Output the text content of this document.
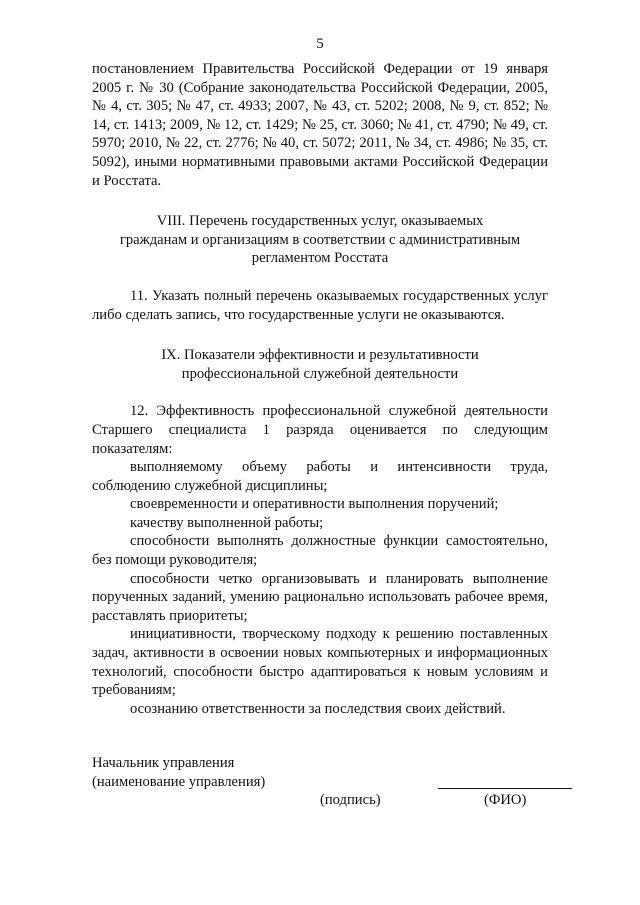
5

постановлением Правительства Российской Федерации от 19 января 2005 г. № 30 (Собрание законодательства Российской Федерации, 2005, № 4, ст. 305; № 47, ст. 4933; 2007, № 43, ст. 5202; 2008, № 9, ст. 852; № 14, ст. 1413; 2009, № 12, ст. 1429; № 25, ст. 3060; № 41, ст. 4790; № 49, ст. 5970; 2010, № 22, ст. 2776; № 40, ст. 5072; 2011, № 34, ст. 4986; № 35, ст. 5092), иными нормативными правовыми актами Российской Федерации и Росстата.

VIII. Перечень государственных услуг, оказываемых

гражданам и организациям в соответствии с административным

регламентом Росстата

11. Указать полный перечень оказываемых государственных услуг либо сделать запись, что государственные услуги не оказываются.

IX. Показатели эффективности и результативности

профессиональной служебной деятельности

12. Эффективность профессиональной служебной деятельности Старшего специалиста 1 разряда оценивается по следующим показателям:

выполняемому объему работы и интенсивности труда, соблюдению служебной дисциплины;

своевременности и оперативности выполнения поручений;

качеству выполненной работы;

способности выполнять должностные функции самостоятельно, без помощи руководителя;

способности четко организовывать и планировать выполнение порученных заданий, умению рационально использовать рабочее время, расставлять приоритеты;

инициативности, творческому подходу к решению поставленных задач, активности в освоении новых компьютерных и информационных технологий, способности быстро адаптироваться к новым условиям и требованиям;

осознанию ответственности за последствия своих действий.

Начальник управления
(наименование управления)
(подпись)	(ФИО)
